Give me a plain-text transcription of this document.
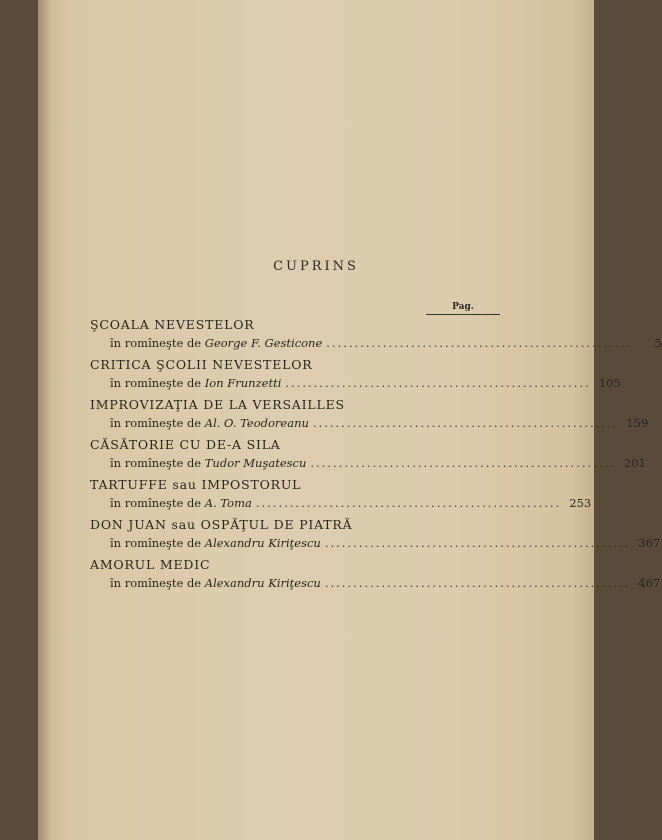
CUPRINS
Pag.
ŞCOALA NEVESTELOR
în romîneşte de
George F. Gesticone ......................................................	5
CRITICA ŞCOLII NEVESTELOR
în romîneşte de
Ion Frunzetti ...................................................... 105
IMPROVIZAŢIA DE LA VERSAILLES
în romîneşte de
Al. O. Teodoreanu ...................................................... 159
CĂSĂTORIE CU DE-A SILA
în romîneşte de
Tudor Muşatescu ...................................................... 201
TARTUFFE sau IMPOSTORUL
în romîneşte de
A. Toma ...................................................... 253
DON JUAN sau OSPĂŢUL DE PIATRĂ
în romîneşte de
Alexandru Kiriţescu ...................................................... 367
AMORUL MEDIC
în romîneşte de
Alexandru Kiriţescu ...................................................... 467
